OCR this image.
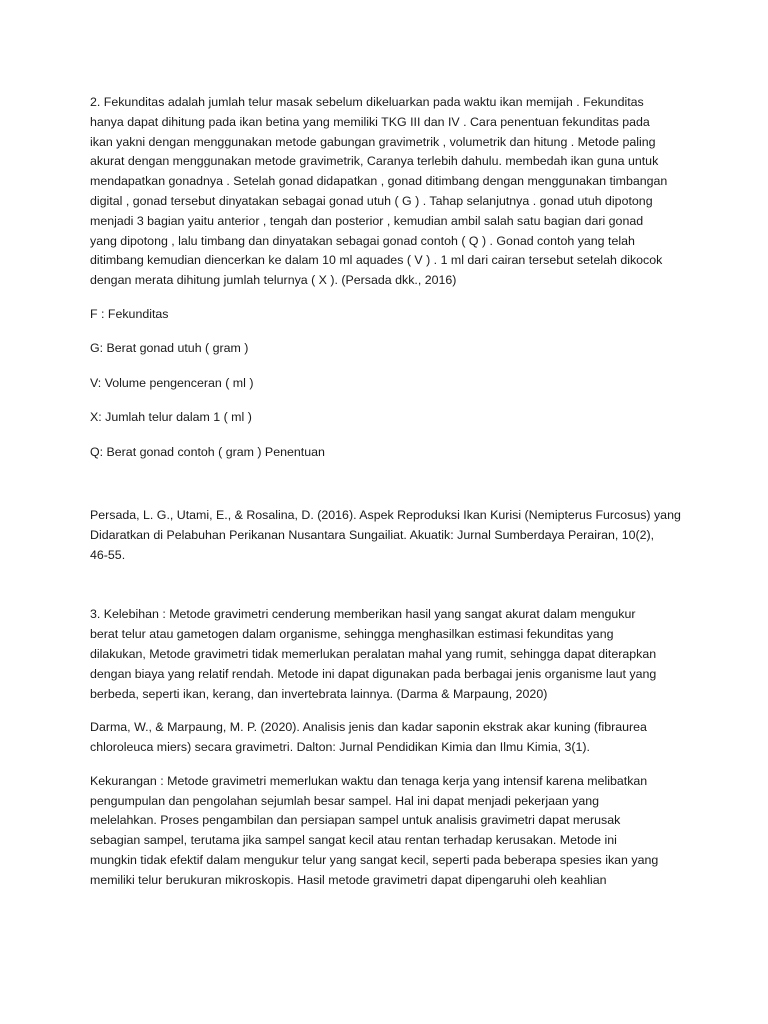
2. Fekunditas adalah jumlah telur masak sebelum dikeluarkan pada waktu ikan memijah . Fekunditas
hanya dapat dihitung pada ikan betina yang memiliki TKG III dan IV . Cara penentuan fekunditas pada
ikan yakni dengan menggunakan metode gabungan gravimetrik , volumetrik dan hitung . Metode paling
akurat dengan menggunakan metode gravimetrik, Caranya terlebih dahulu. membedah ikan guna untuk
mendapatkan gonadnya . Setelah gonad didapatkan , gonad ditimbang dengan menggunakan timbangan
digital , gonad tersebut dinyatakan sebagai gonad utuh ( G ) . Tahap selanjutnya . gonad utuh dipotong
menjadi 3 bagian yaitu anterior , tengah dan posterior , kemudian ambil salah satu bagian dari gonad
yang dipotong , lalu timbang dan dinyatakan sebagai gonad contoh ( Q ) . Gonad contoh yang telah
ditimbang kemudian diencerkan ke dalam 10 ml aquades ( V ) . 1 ml dari cairan tersebut setelah dikocok
dengan merata dihitung jumlah telurnya ( X ). (Persada dkk., 2016)

F : Fekunditas

G: Berat gonad utuh ( gram )

V: Volume pengenceran ( ml )

X: Jumlah telur dalam 1 ( ml )

Q: Berat gonad contoh ( gram ) Penentuan

Persada, L. G., Utami, E., & Rosalina, D. (2016). Aspek Reproduksi Ikan Kurisi (Nemipterus Furcosus) yang
Didaratkan di Pelabuhan Perikanan Nusantara Sungailiat. Akuatik: Jurnal Sumberdaya Perairan, 10(2),
46-55.

3. Kelebihan : Metode gravimetri cenderung memberikan hasil yang sangat akurat dalam mengukur
berat telur atau gametogen dalam organisme, sehingga menghasilkan estimasi fekunditas yang
dilakukan, Metode gravimetri tidak memerlukan peralatan mahal yang rumit, sehingga dapat diterapkan
dengan biaya yang relatif rendah. Metode ini dapat digunakan pada berbagai jenis organisme laut yang
berbeda, seperti ikan, kerang, dan invertebrata lainnya. (Darma & Marpaung, 2020)

Darma, W., & Marpaung, M. P. (2020). Analisis jenis dan kadar saponin ekstrak akar kuning (fibraurea
chloroleuca miers) secara gravimetri. Dalton: Jurnal Pendidikan Kimia dan Ilmu Kimia, 3(1).

Kekurangan : Metode gravimetri memerlukan waktu dan tenaga kerja yang intensif karena melibatkan
pengumpulan dan pengolahan sejumlah besar sampel. Hal ini dapat menjadi pekerjaan yang
melelahkan. Proses pengambilan dan persiapan sampel untuk analisis gravimetri dapat merusak
sebagian sampel, terutama jika sampel sangat kecil atau rentan terhadap kerusakan. Metode ini
mungkin tidak efektif dalam mengukur telur yang sangat kecil, seperti pada beberapa spesies ikan yang
memiliki telur berukuran mikroskopis. Hasil metode gravimetri dapat dipengaruhi oleh keahlian
